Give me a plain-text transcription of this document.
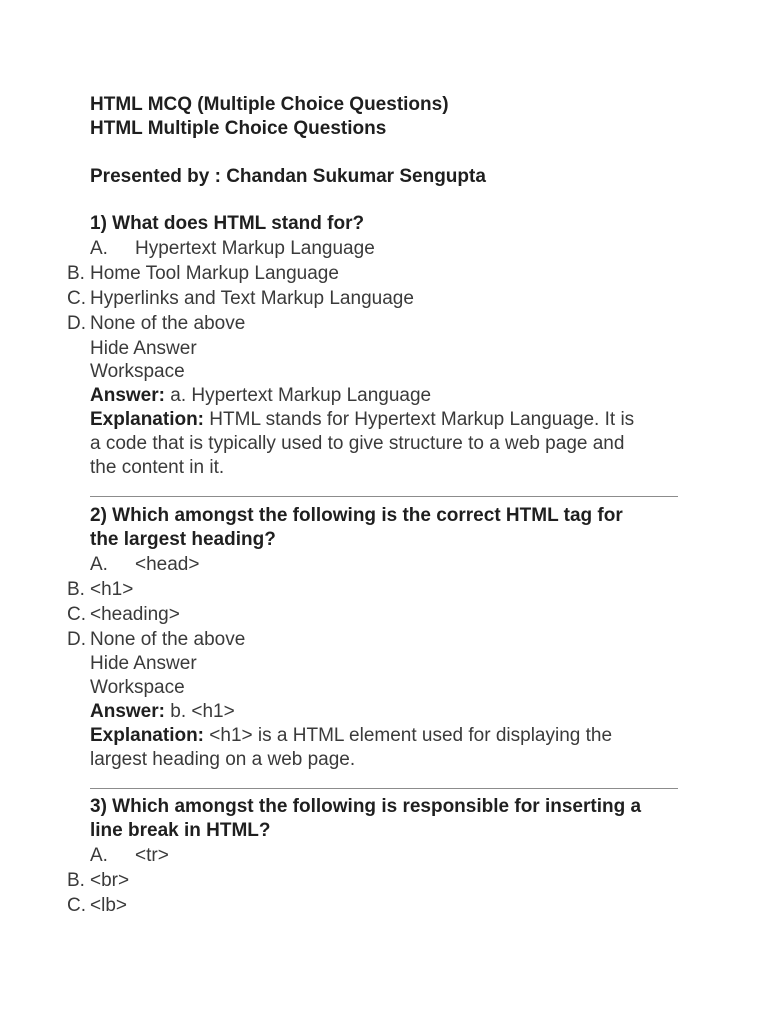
HTML MCQ (Multiple Choice Questions)
HTML Multiple Choice Questions
Presented by : Chandan Sukumar Sengupta
1) What does HTML stand for?
A. Hypertext Markup Language
B. Home Tool Markup Language
C. Hyperlinks and Text Markup Language
D. None of the above
Hide Answer
Workspace
Answer: a. Hypertext Markup Language
Explanation: HTML stands for Hypertext Markup Language. It is
a code that is typically used to give structure to a web page and
the content in it.
2) Which amongst the following is the correct HTML tag for
the largest heading?
A. <head>
B. <h1>
C. <heading>
D. None of the above
Hide Answer
Workspace
Answer: b. <h1>
Explanation: <h1> is a HTML element used for displaying the
largest heading on a web page.
3) Which amongst the following is responsible for inserting a
line break in HTML?
A. <tr>
B. <br>
C. <lb>
